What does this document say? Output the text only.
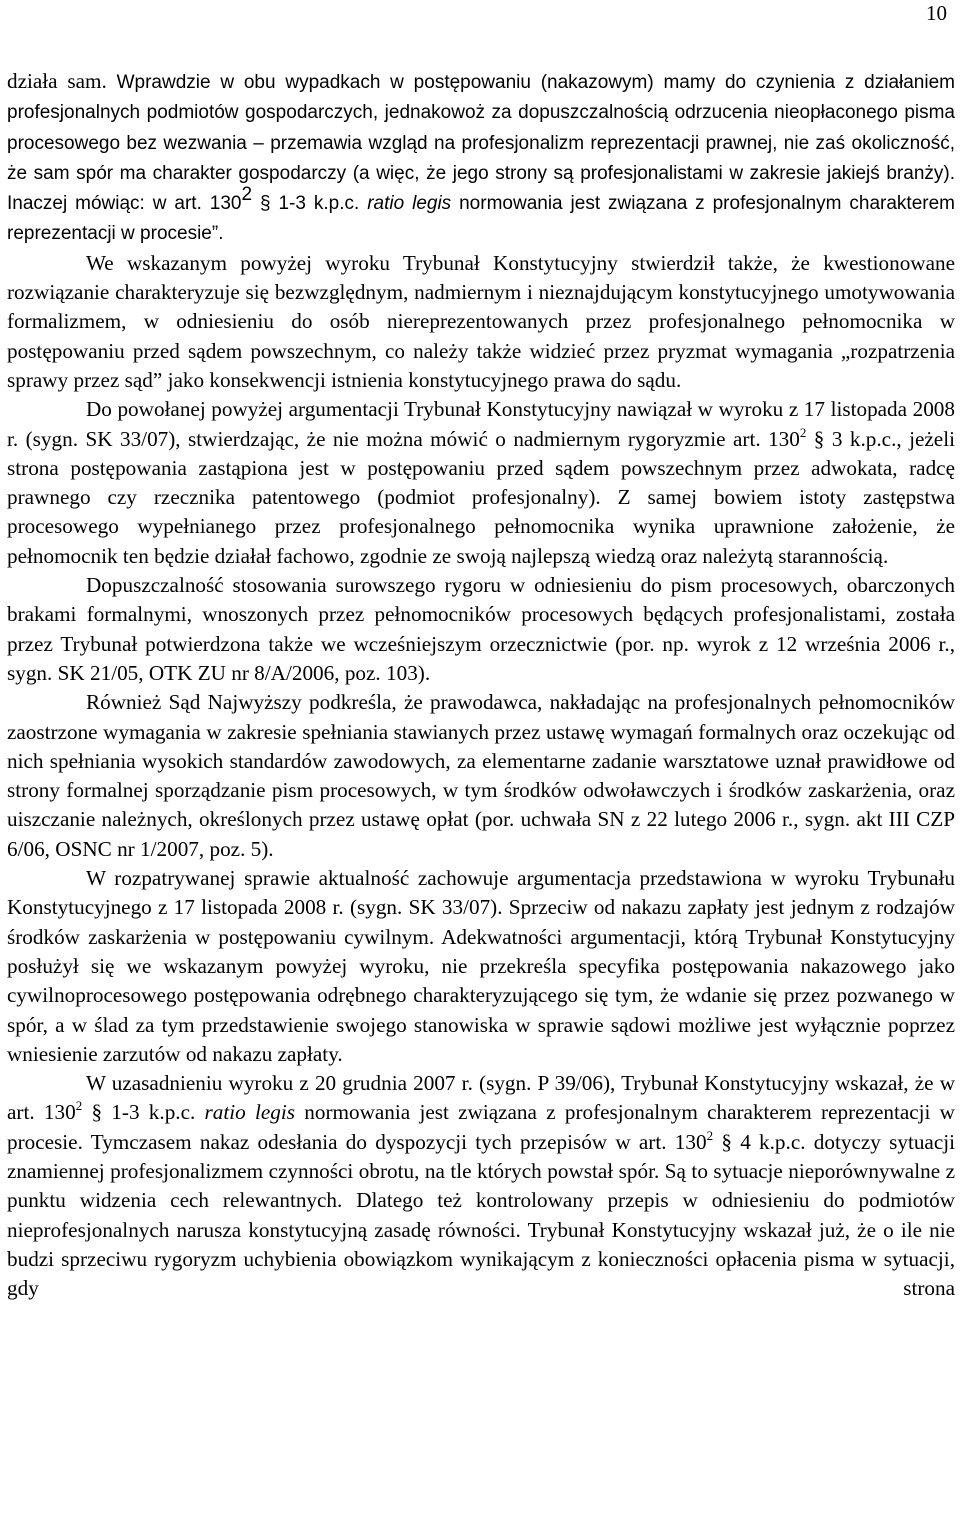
10

działa sam. Wprawdzie w obu wypadkach w postępowaniu (nakazowym) mamy do czynienia z działaniem profesjonalnych podmiotów gospodarczych, jednakowoż za dopuszczalnością odrzucenia nieopłaconego pisma procesowego bez wezwania – przemawia wzgląd na profesjonalizm reprezentacji prawnej, nie zaś okoliczność, że sam spór ma charakter gospodarczy (a więc, że jego strony są profesjonalistami w zakresie jakiejś branży). Inaczej mówiąc: w art. $130^2$ § 1-3 k.p.c. ratio legis normowania jest związana z profesjonalnym charakterem reprezentacji w procesie”.

We wskazanym powyżej wyroku Trybunał Konstytucyjny stwierdził także, że kwestionowane rozwiązanie charakteryzuje się bezwzględnym, nadmiernym i nieznajdującym konstytucyjnego umotywowania formalizmem, w odniesieniu do osób niereprezentowanych przez profesjonalnego pełnomocnika w postępowaniu przed sądem powszechnym, co należy także widzieć przez pryzmat wymagania „rozpatrzenia sprawy przez sąd” jako konsekwencji istnienia konstytucyjnego prawa do sądu.

Do powołanej powyżej argumentacji Trybunał Konstytucyjny nawiązał w wyroku z 17 listopada 2008 r. (sygn. SK 33/07), stwierdzając, że nie można mówić o nadmiernym rygoryzmie art. $130^2$ § 3 k.p.c., jeżeli strona postępowania zastąpiona jest w postępowaniu przed sądem powszechnym przez adwokata, radcę prawnego czy rzecznika patentowego (podmiot profesjonalny). Z samej bowiem istoty zastępstwa procesowego wypełnianego przez profesjonalnego pełnomocnika wynika uprawnione założenie, że pełnomocnik ten będzie działał fachowo, zgodnie ze swoją najlepszą wiedzą oraz należytą starannością.

Dopuszczalność stosowania surowszego rygoru w odniesieniu do pism procesowych, obarczonych brakami formalnymi, wnoszonych przez pełnomocników procesowych będących profesjonalistami, została przez Trybunał potwierdzona także we wcześniejszym orzecznictwie (por. np. wyrok z 12 września 2006 r., sygn. SK 21/05, OTK ZU nr 8/A/2006, poz. 103).

Również Sąd Najwyższy podkreśla, że prawodawca, nakładając na profesjonalnych pełnomocników zaostrzone wymagania w zakresie spełniania stawianych przez ustawę wymagań formalnych oraz oczekując od nich spełniania wysokich standardów zawodowych, za elementarne zadanie warsztatowe uznał prawidłowe od strony formalnej sporządzanie pism procesowych, w tym środków odwoławczych i środków zaskarżenia, oraz uiszczanie należnych, określonych przez ustawę opłat (por. uchwała SN z 22 lutego 2006 r., sygn. akt III CZP 6/06, OSNC nr 1/2007, poz. 5).

W rozpatrywanej sprawie aktualność zachowuje argumentacja przedstawiona w wyroku Trybunału Konstytucyjnego z 17 listopada 2008 r. (sygn. SK 33/07). Sprzeciw od nakazu zapłaty jest jednym z rodzajów środków zaskarżenia w postępowaniu cywilnym. Adekwatności argumentacji, którą Trybunał Konstytucyjny posłużył się we wskazanym powyżej wyroku, nie przekreśla specyfika postępowania nakazowego jako cywilnoprocesowego postępowania odrębnego charakteryzującego się tym, że wdanie się przez pozwanego w spór, a w ślad za tym przedstawienie swojego stanowiska w sprawie sądowi możliwe jest wyłącznie poprzez wniesienie zarzutów od nakazu zapłaty.

W uzasadnieniu wyroku z 20 grudnia 2007 r. (sygn. P 39/06), Trybunał Konstytucyjny wskazał, że w art. $130^2$ § 1-3 k.p.c. ratio legis normowania jest związana z profesjonalnym charakterem reprezentacji w procesie. Tymczasem nakaz odesłania do dyspozycji tych przepisów w art. $130^2$ § 4 k.p.c. dotyczy sytuacji znamiennej profesjonalizmem czynności obrotu, na tle których powstał spór. Są to sytuacje nieporównywalne z punktu widzenia cech relewantnych. Dlatego też kontrolowany przepis w odniesieniu do podmiotów nieprofesjonalnych narusza konstytucyjną zasadę równości. Trybunał Konstytucyjny wskazał już, że o ile nie budzi sprzeciwu rygoryzm uchybienia obowiązkom wynikającym z konieczności opłacenia pisma w sytuacji, gdy strona
